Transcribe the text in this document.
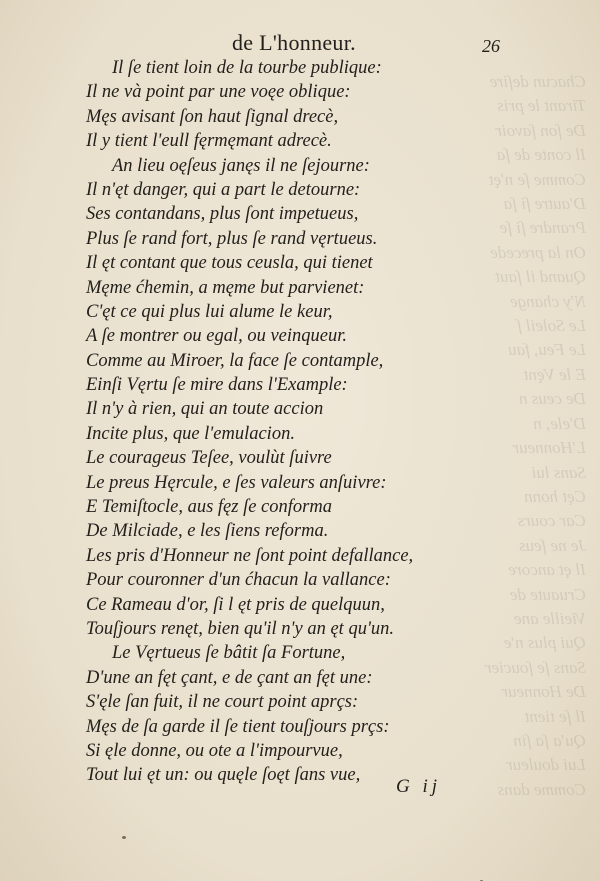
Chacun deſire
Tirant le pris
De ſon ſavoir
Il conte de ſa
Comme ſe n'ęt
D'autre ſi ſa
Prandre ſi ſe
On la precede
Quand il ſaut
N'y change
Le Soleil ſ
Le Feu, fau
E le Vęnt
De ceus n
D'ele, n
L'Honneur
Sans lui
Cęt honn
Car cours
Je ne ſeus
Il ęt ancore
Cruaute de
Vieille ane
Qui plus n'e
Sans ſe ſoucier
De Honneur
Il ſe tient
Qu'a ſa ſin
Lui douleur
Comme dans
de L'honneur.	26
Il ſe tient loin de la tourbe publique:
Il ne và point par une voęe oblique:
Męs avisant ſon haut ſignal drecè,
Il y tient l'eull fęrmęmant adrecè.
An lieu oęſeus janęs il ne ſejourne:
Il n'ęt danger, qui a part le detourne:
Ses contandans, plus ſont impetueus,
Plus ſe rand fort, plus ſe rand vęrtueus.
Il ęt contant que tous ceusla, qui tienet
Męme ćhemin, a męme but parvienet:
C'ęt ce qui plus lui alume le keur,
A ſe montrer ou egal, ou veinqueur.
Comme au Miroer, la face ſe contample,
Einſi Vęrtu ſe mire dans l'Example:
Il n'y à rien, qui an toute accion
Incite plus, que l'emulacion.
Le courageus Teſee, voulùt ſuivre
Le preus Hęrcule, e ſes valeurs anſuivre:
E Temiſtocle, aus fęz ſe conforma
De Milciade, e les ſiens reforma.
Les pris d'Honneur ne ſont point defallance,
Pour couronner d'un ćhacun la vallance:
Ce Rameau d'or, ſi l ęt pris de quelquun,
Touſjours renęt, bien qu'il n'y an ęt qu'un.
Le Vęrtueus ſe bâtit ſa Fortune,
D'une an fęt çant, e de çant an fęt une:
S'ęle ſan fuit, il ne court point aprçs:
Męs de ſa garde il ſe tient touſjours prçs:
Si ęle donne, ou ote a l'impourvue,
Tout lui ęt un: ou quęle ſoęt ſans vue,
G ij
